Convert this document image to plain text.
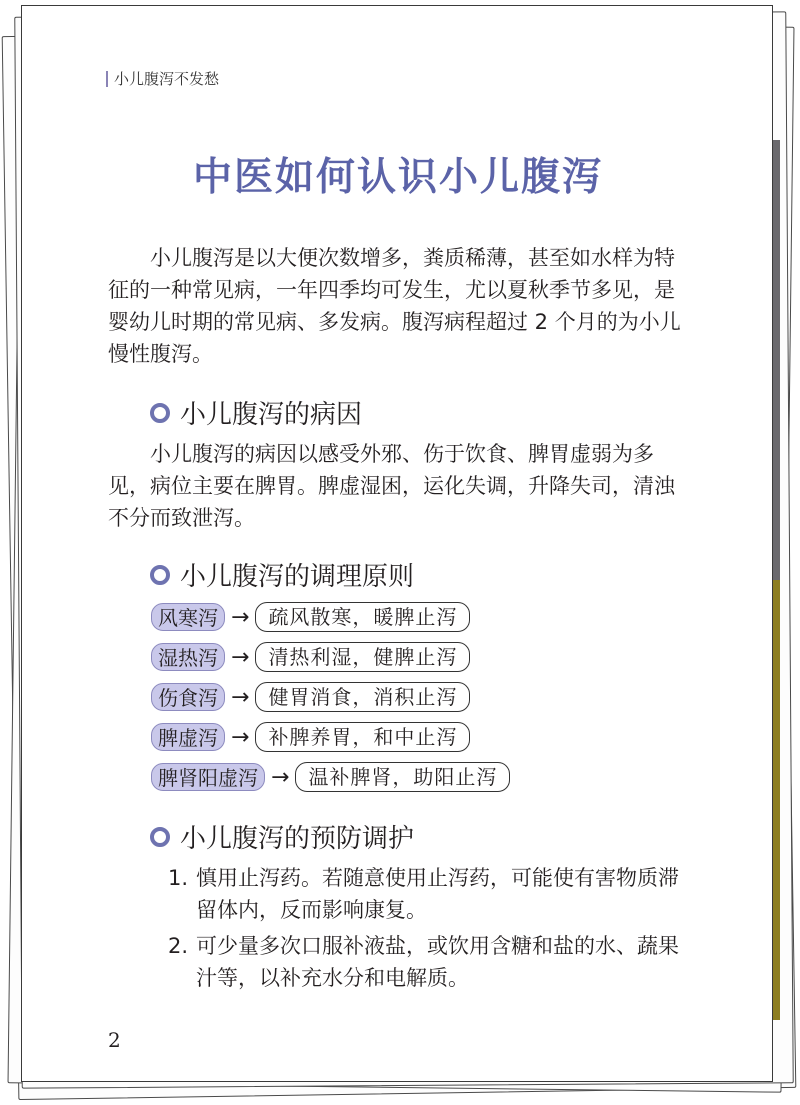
小儿腹泻不发愁
中医如何认识小儿腹泻
小儿腹泻是以大便次数增多，粪质稀薄，甚至如水样为特征的一种常见病，一年四季均可发生，尤以夏秋季节多见，是婴幼儿时期的常见病、多发病。腹泻病程超过 2 个月的为小儿慢性腹泻。
小儿腹泻的病因
小儿腹泻的病因以感受外邪、伤于饮食、脾胃虚弱为多见，病位主要在脾胃。脾虚湿困，运化失调，升降失司，清浊不分而致泄泻。
小儿腹泻的调理原则
风寒泻 → 疏风散寒，暖脾止泻
湿热泻 → 清热利湿，健脾止泻
伤食泻 → 健胃消食，消积止泻
脾虚泻 → 补脾养胃，和中止泻
脾肾阳虚泻 → 温补脾肾，助阳止泻
小儿腹泻的预防调护
1. 慎用止泻药。若随意使用止泻药，可能使有害物质滞留体内，反而影响康复。
2. 可少量多次口服补液盐，或饮用含糖和盐的水、蔬果汁等，以补充水分和电解质。
2
